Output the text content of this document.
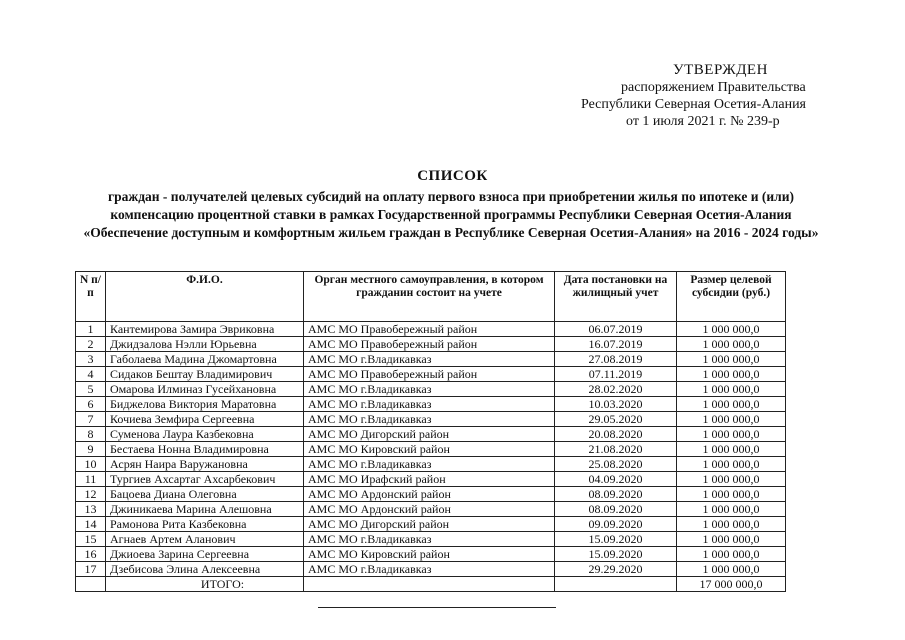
УТВЕРЖДЕН
распоряжением Правительства
Республики Северная Осетия-Алания
от 1 июля 2021 г. № 239-р
СПИСОК
граждан - получателей целевых субсидий на оплату первого взноса при приобретении жилья по ипотеке и (или) компенсацию процентной ставки в рамках Государственной программы Республики Северная Осетия-Алания «Обеспечение доступным и комфортным жильем граждан в Республике Северная Осетия-Алания» на 2016 - 2024 годы»
N п/п	Ф.И.О.	Орган местного самоуправления, в котором гражданин состоит на учете	Дата постановки на жилищный учет	Размер целевой субсидии (руб.)
1	Кантемирова Замира Эвриковна	АМС МО Правобережный район	06.07.2019	1 000 000,0
2	Джидзалова Нэлли Юрьевна	АМС МО Правобережный район	16.07.2019	1 000 000,0
3	Габолаева Мадина Джомартовна	АМС МО г.Владикавказ	27.08.2019	1 000 000,0
4	Сидаков Бештау Владимирович	АМС МО Правобережный район	07.11.2019	1 000 000,0
5	Омарова Илминаз Гусейхановна	АМС МО г.Владикавказ	28.02.2020	1 000 000,0
6	Биджелова Виктория Маратовна	АМС МО г.Владикавказ	10.03.2020	1 000 000,0
7	Кочиева Земфира Сергеевна	АМС МО г.Владикавказ	29.05.2020	1 000 000,0
8	Суменова Лаура Казбековна	АМС МО Дигорский район	20.08.2020	1 000 000,0
9	Бестаева Нонна Владимировна	АМС МО Кировский район	21.08.2020	1 000 000,0
10	Асрян Наира Варужановна	АМС МО г.Владикавказ	25.08.2020	1 000 000,0
11	Тургиев Ахсартаг Ахсарбекович	АМС МО Ирафский район	04.09.2020	1 000 000,0
12	Бацоева Диана Олеговна	АМС МО Ардонский район	08.09.2020	1 000 000,0
13	Джиникаева Марина Алешовна	АМС МО Ардонский район	08.09.2020	1 000 000,0
14	Рамонова Рита Казбековна	АМС МО Дигорский район	09.09.2020	1 000 000,0
15	Агнаев Артем Аланович	АМС МО г.Владикавказ	15.09.2020	1 000 000,0
16	Джиоева Зарина Сергеевна	АМС МО Кировский район	15.09.2020	1 000 000,0
17	Дзебисова Элина Алексеевна	АМС МО г.Владикавказ	29.29.2020	1 000 000,0
	ИТОГО:			17 000 000,0
